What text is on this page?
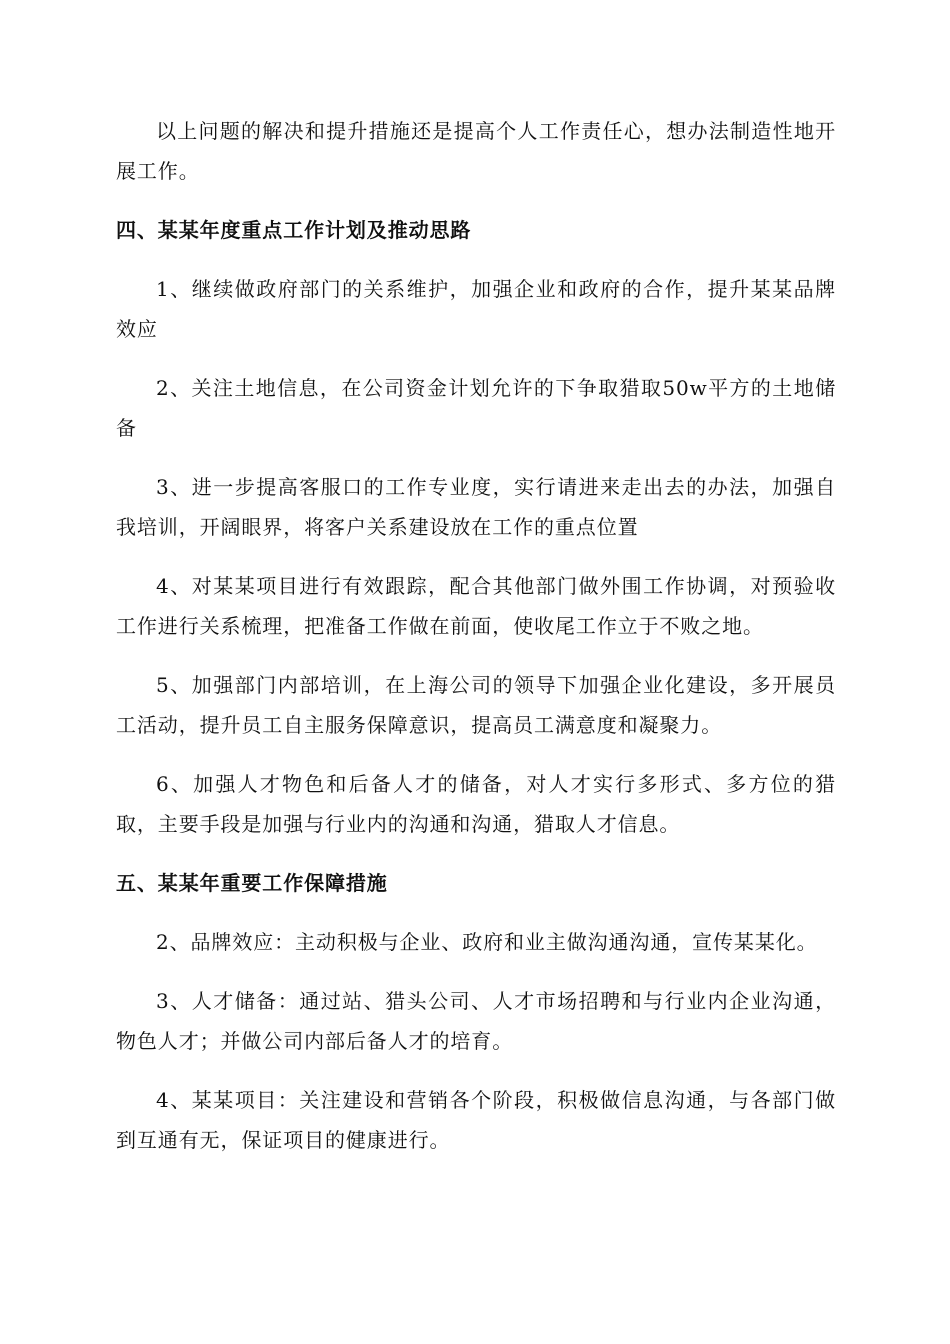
以上问题的解决和提升措施还是提高个人工作责任心，想办法制造性地开展工作。

四、某某年度重点工作计划及推动思路

1、继续做政府部门的关系维护，加强企业和政府的合作，提升某某品牌效应

2、关注土地信息，在公司资金计划允许的下争取猎取50w平方的土地储备

3、进一步提高客服口的工作专业度，实行请进来走出去的办法，加强自我培训，开阔眼界，将客户关系建设放在工作的重点位置

4、对某某项目进行有效跟踪，配合其他部门做外围工作协调，对预验收工作进行关系梳理，把准备工作做在前面，使收尾工作立于不败之地。

5、加强部门内部培训，在上海公司的领导下加强企业化建设，多开展员工活动，提升员工自主服务保障意识，提高员工满意度和凝聚力。

6、加强人才物色和后备人才的储备，对人才实行多形式、多方位的猎取，主要手段是加强与行业内的沟通和沟通，猎取人才信息。

五、某某年重要工作保障措施

2、品牌效应：主动积极与企业、政府和业主做沟通沟通，宣传某某化。

3、人才储备：通过站、猎头公司、人才市场招聘和与行业内企业沟通，物色人才；并做公司内部后备人才的培育。

4、某某项目：关注建设和营销各个阶段，积极做信息沟通，与各部门做到互通有无，保证项目的健康进行。
